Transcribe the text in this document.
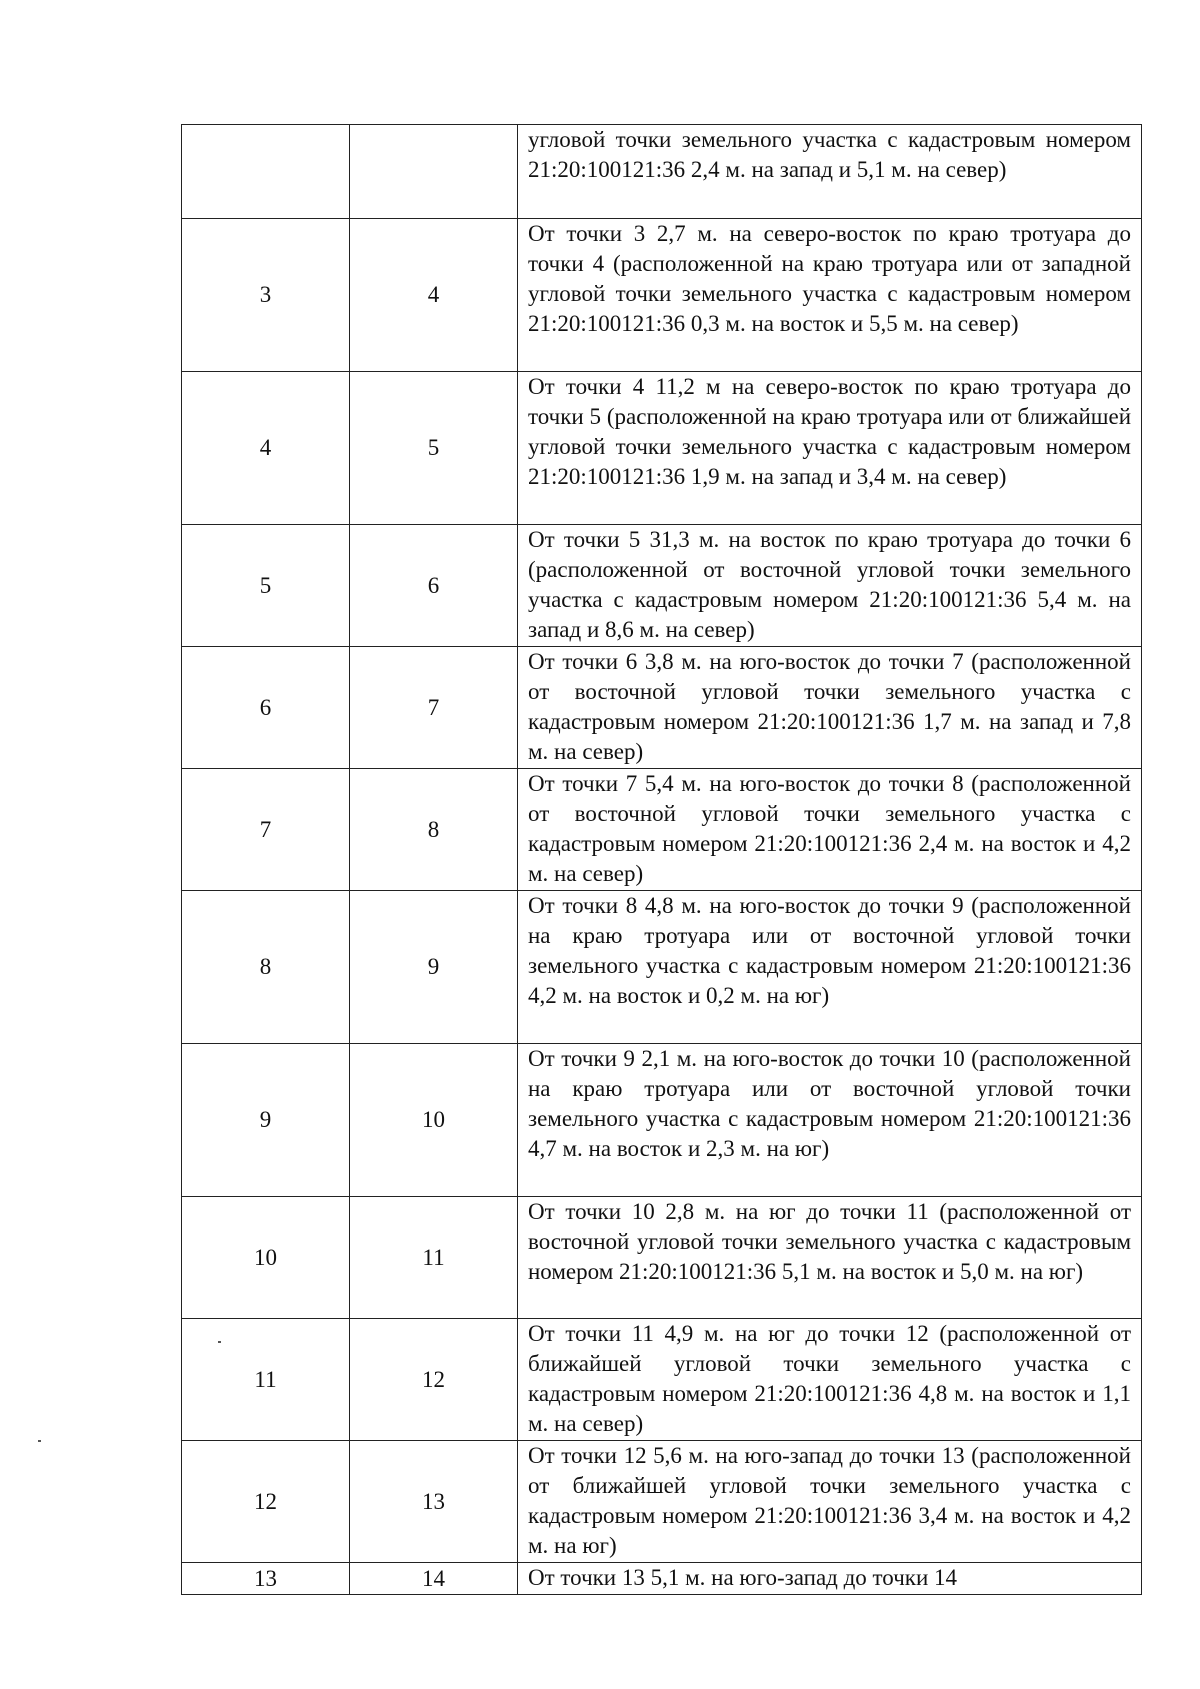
		угловой точки земельного участка с кадастровым номером 21:20:100121:36 2,4 м. на запад и 5,1 м. на север)
3	4	От точки 3 2,7 м. на северо-восток по краю тротуара до точки 4 (расположенной на краю тротуара или от западной угловой точки земельного участка с кадастровым номером 21:20:100121:36 0,3 м. на восток и 5,5 м. на север)
4	5	От точки 4 11,2 м на северо-восток по краю тротуара до точки 5 (расположенной на краю тротуара или от ближайшей угловой точки земельного участка с кадастровым номером 21:20:100121:36 1,9 м. на запад и 3,4 м. на север)
5	6	От точки 5 31,3 м. на восток по краю тротуара до точки 6 (расположенной от восточной угловой точки земельного участка с кадастровым номером 21:20:100121:36 5,4 м. на запад и 8,6 м. на север)
6	7	От точки 6 3,8 м. на юго-восток до точки 7 (расположенной от восточной угловой точки земельного участка с кадастровым номером 21:20:100121:36 1,7 м. на запад и 7,8 м. на север)
7	8	От точки 7 5,4 м. на юго-восток до точки 8 (расположенной от восточной угловой точки земельного участка с кадастровым номером 21:20:100121:36 2,4 м. на восток и 4,2 м. на север)
8	9	От точки 8 4,8 м. на юго-восток до точки 9 (расположенной на краю тротуара или от восточной угловой точки земельного участка с кадастровым номером 21:20:100121:36 4,2 м. на восток и 0,2 м. на юг)
9	10	От точки 9 2,1 м. на юго-восток до точки 10 (расположенной на краю тротуара или от восточной угловой точки земельного участка с кадастровым номером 21:20:100121:36 4,7 м. на восток и 2,3 м. на юг)
10	11	От точки 10 2,8 м. на юг до точки 11 (расположенной от восточной угловой точки земельного участка с кадастровым номером 21:20:100121:36 5,1 м. на восток и 5,0 м. на юг)
11	12	От точки 11 4,9 м. на юг до точки 12 (расположенной от ближайшей угловой точки земельного участка с кадастровым номером 21:20:100121:36 4,8 м. на восток и 1,1 м. на север)
12	13	От точки 12 5,6 м. на юго-запад до точки 13 (расположенной от ближайшей угловой точки земельного участка с кадастровым номером 21:20:100121:36 3,4 м. на восток и 4,2 м. на юг)
13	14	От точки 13 5,1 м. на юго-запад до точки 14
